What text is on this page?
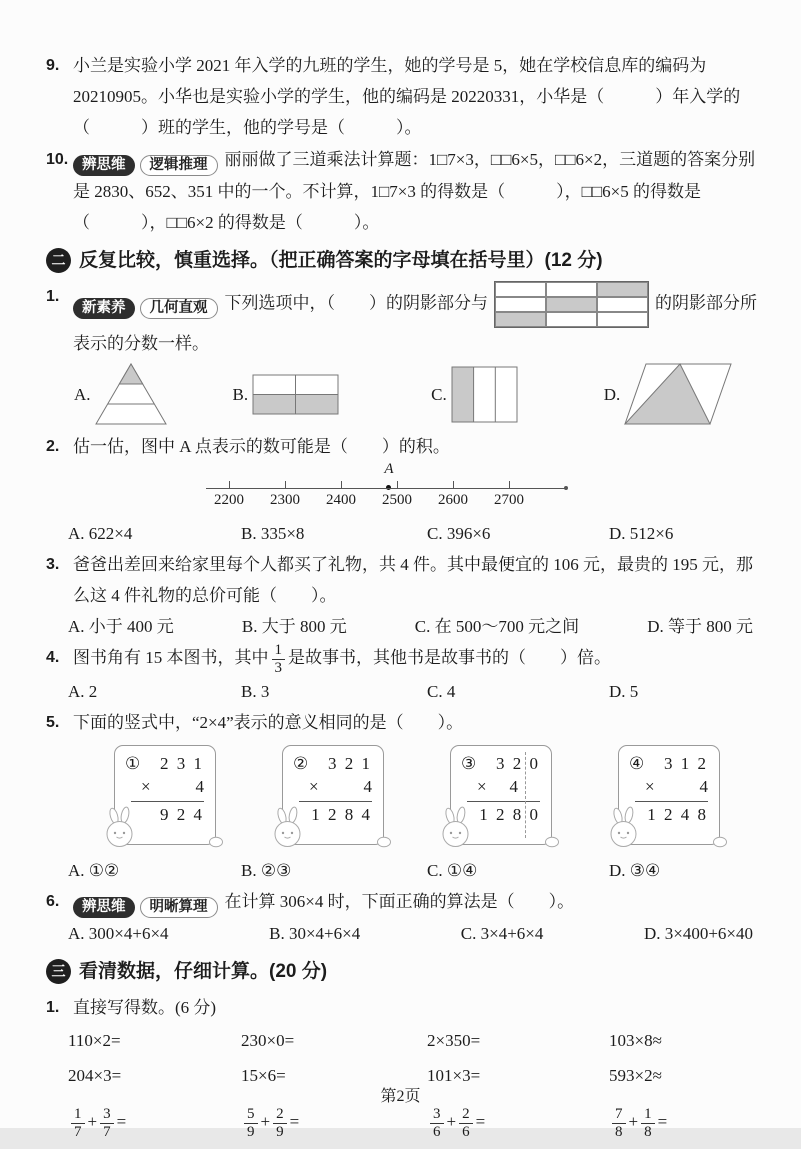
9. 小兰是实验小学 2021 年入学的九班的学生，她的学号是 5，她在学校信息库的编码为 20210905。小华也是实验小学的学生，他的编码是 20220331，小华是（　　　）年入学的（　　　）班的学生，他的学号是（　　　）。
10. 辨思维 逻辑推理 丽丽做了三道乘法计算题：1□7×3，□□6×5，□□6×2，三道题的答案分别是 2830、652、351 中的一个。不计算，1□7×3 的得数是（　　　），□□6×5 的得数是（　　　），□□6×2 的得数是（　　　）。
二 反复比较，慎重选择。（把正确答案的字母填在括号里）(12 分)
1.
新素养 几何直观 下列选项中，（　　）的阴影部分与	的阴影部分所表示的分数一样。
A.	B.	C.	D.
2. 估一估，图中 A 点表示的数可能是（　　）的积。
A
2200	2300	2400	2500	2600	2700
A. 622×4	B. 335×8	C. 396×6	D. 512×6
3. 爸爸出差回来给家里每个人都买了礼物，共 4 件。其中最便宜的 106 元，最贵的 195 元，那么这 4 件礼物的总价可能（　　）。
A. 小于 400 元	B. 大于 800 元	C. 在 500～700 元之间	D. 等于 800 元
4. 图书角有 15 本图书，其中 $\frac{1}{3}$ 是故事书，其他书是故事书的（　　）倍。
A. 2	B. 3	C. 4	D. 5
5. 下面的竖式中，“2×4”表示的意义相同的是（　　）。
① 2 3 1
×	4
9 2 4
② 3 2 1
×	4
1 2 8 4
③ 3 2 0
× 4
1 2 8 0
④ 3 1 2
×	4
1 2 4 8
A. ①②	B. ②③	C. ①④	D. ③④
6.	辨思维 明晰算理 在计算 306×4 时，下面正确的算法是（　　）。
A. 300×4+6×4	B. 30×4+6×4	C. 3×4+6×4	D. 3×400+6×40
三 看清数据，仔细计算。(20 分)
1. 直接写得数。(6 分)
110×2=	230×0=	2×350=	103×8≈
204×3=	15×6=	101×3=	593×2≈
$\frac{1}{7} + \frac{3}{7}$ =	$\frac{5}{9} + \frac{2}{9}$ =	$\frac{3}{6} + \frac{2}{6}$ =	$\frac{7}{8} + \frac{1}{8}$ =
第2页
